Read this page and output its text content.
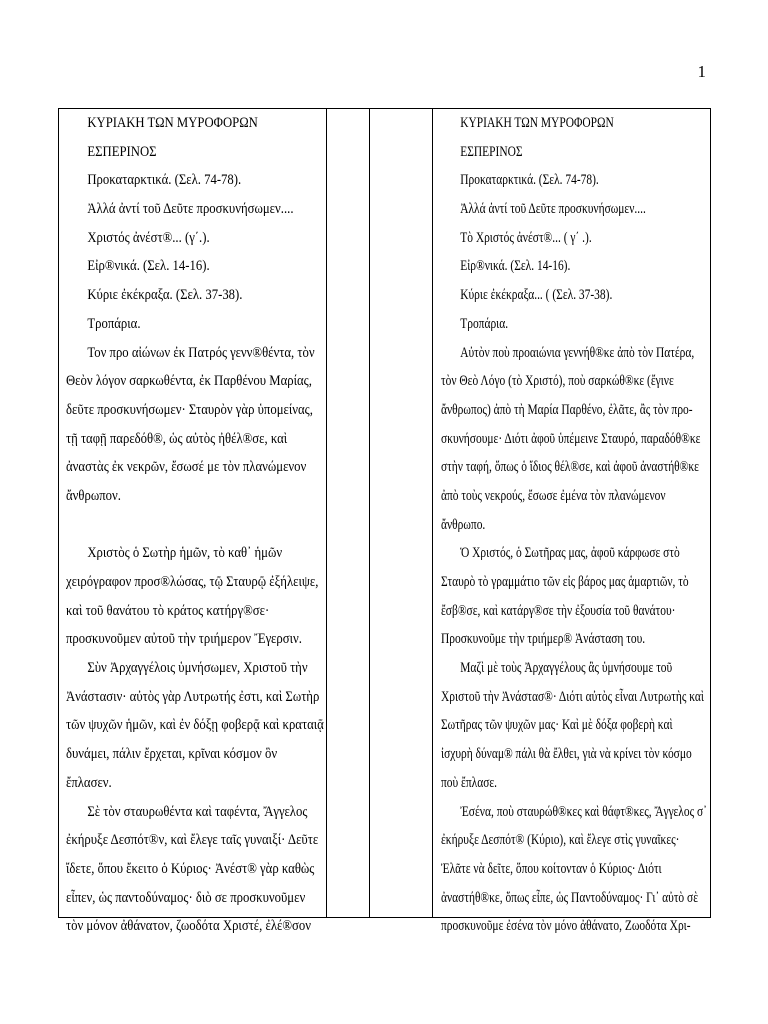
1
ΚΥΡΙΑΚΗ ΤΩΝ ΜΥΡΟΦΟΡΩΝ
ΕΣΠΕΡΙΝΟΣ
Προκαταρκτικά. (Σελ. 74-78).
Ἀλλά ἀντί τοῦ Δεῦτε προσκυνήσωμεν....
Χριστός ἀνέστ®... (γ΄.).
Εἰρ®νικά. (Σελ. 14-16).
Κύριε ἐκέκραξα. (Σελ. 37-38).
Τροπάρια.
Τον προ αἰώνων ἐκ Πατρός γενν®θέντα, τὸν
Θεὸν λόγον σαρκωθέντα, ἐκ Παρθένου Μαρίας,
δεῦτε προσκυνήσωμεν· Σταυρὸν γὰρ ὑπομείνας,
τῇ ταφῇ παρεδόθ®, ὡς αὐτὸς ἠθέλ®σε, καὶ
ἀναστὰς ἐκ νεκρῶν, ἔσωσέ με τὸν πλανώμενον
ἄνθρωπον.
Χριστὸς ὁ Σωτὴρ ἡμῶν, τὸ καθ᾿ ἡμῶν
χειρόγραφον προσ®λώσας, τῷ Σταυρῷ ἐξήλειψε,
καὶ τοῦ θανάτου τὸ κράτος κατήργ®σε·
προσκυνοῦμεν αὐτοῦ τὴν τριήμερον Ἔγερσιν.
Σὺν Ἀρχαγγέλοις ὑμνήσωμεν, Χριστοῦ τὴν
Ἀνάστασιν· αὐτὸς γὰρ Λυτρωτής ἐστι, καὶ Σωτὴρ
τῶν ψυχῶν ἡμῶν, καὶ ἐν δόξῃ φοβερᾷ καὶ κραταιᾷ
δυνάμει, πάλιν ἔρχεται, κρῖναι κόσμον ὃν
ἔπλασεν.
Σὲ τὸν σταυρωθέντα καὶ ταφέντα, Ἄγγελος
ἐκήρυξε Δεσπότ®ν, καὶ ἔλεγε ταῖς γυναιξί· Δεῦτε
ἴδετε, ὅπου ἔκειτο ὁ Κύριος· Ἀνέστ® γὰρ καθὼς
εἶπεν, ὡς παντοδύναμος· διὸ σε προσκυνοῦμεν
τὸν μόνον ἀθάνατον, ζωοδότα Χριστέ, ἐλέ®σον
ΚΥΡΙΑΚΗ ΤΩΝ ΜΥΡΟΦΟΡΩΝ
ΕΣΠΕΡΙΝΟΣ
Προκαταρκτικά. (Σελ. 74-78).
Ἀλλά ἀντί τοῦ Δεῦτε προσκυνήσωμεν....
Τὸ Χριστός ἀνέστ®... ( γ΄ .).
Εἰρ®νικά. (Σελ. 14-16).
Κύριε ἐκέκραξα... ( (Σελ. 37-38).
Τροπάρια.
Αὐτὸν ποὺ προαιώνια γεννήθ®κε ἀπὸ τὸν Πατέρα,
τὸν Θεὸ Λόγο (τὸ Χριστό), ποὺ σαρκώθ®κε (ἔγινε
ἄνθρωπος) ἀπὸ τὴ Μαρία Παρθένο, ἐλᾶτε, ἂς τὸν προ-
σκυνήσουμε· Διότι ἀφοῦ ὑπέμεινε Σταυρό, παραδόθ®κε
στὴν ταφή, ὅπως ὁ ἴδιος θέλ®σε, καὶ ἀφοῦ ἀναστήθ®κε
ἀπὸ τοὺς νεκρούς, ἔσωσε ἐμένα τὸν πλανώμενον
ἄνθρωπο.
Ὁ Χριστός, ὁ Σωτῆρας μας, ἀφοῦ κάρφωσε στὸ
Σταυρὸ τὸ γραμμάτιο τῶν εἰς βάρος μας ἁμαρτιῶν, τὸ
ἔσβ®σε, καὶ κατάργ®σε τὴν ἐξουσία τοῦ θανάτου·
Προσκυνοῦμε τὴν τριήμερ® Ἀνάσταση του.
Μαζὶ μὲ τοὺς Ἀρχαγγέλους ἂς ὑμνήσουμε τοῦ
Χριστοῦ τὴν Ἀνάστασ®· Διότι αὐτὸς εἶναι Λυτρωτὴς καὶ
Σωτῆρας τῶν ψυχῶν μας· Καὶ μὲ δόξα φοβερὴ καὶ
ἰσχυρὴ δύναμ® πάλι θὰ ἔλθει, γιὰ νὰ κρίνει τὸν κόσμο
ποὺ ἔπλασε.
Ἐσένα, ποὺ σταυρώθ®κες καὶ θάφτ®κες, Ἄγγελος σ᾿
ἐκήρυξε Δεσπότ® (Κύριο), καὶ ἔλεγε στὶς γυναῖκες·
Ἐλᾶτε νὰ δεῖτε, ὅπου κοίτονταν ὁ Κύριος· Διότι
ἀναστήθ®κε, ὅπως εἶπε, ὡς Παντοδύναμος· Γι᾿ αὐτὸ σὲ
προσκυνοῦμε ἐσένα τὸν μόνο ἀθάνατο, Ζωοδότα Χρι-
